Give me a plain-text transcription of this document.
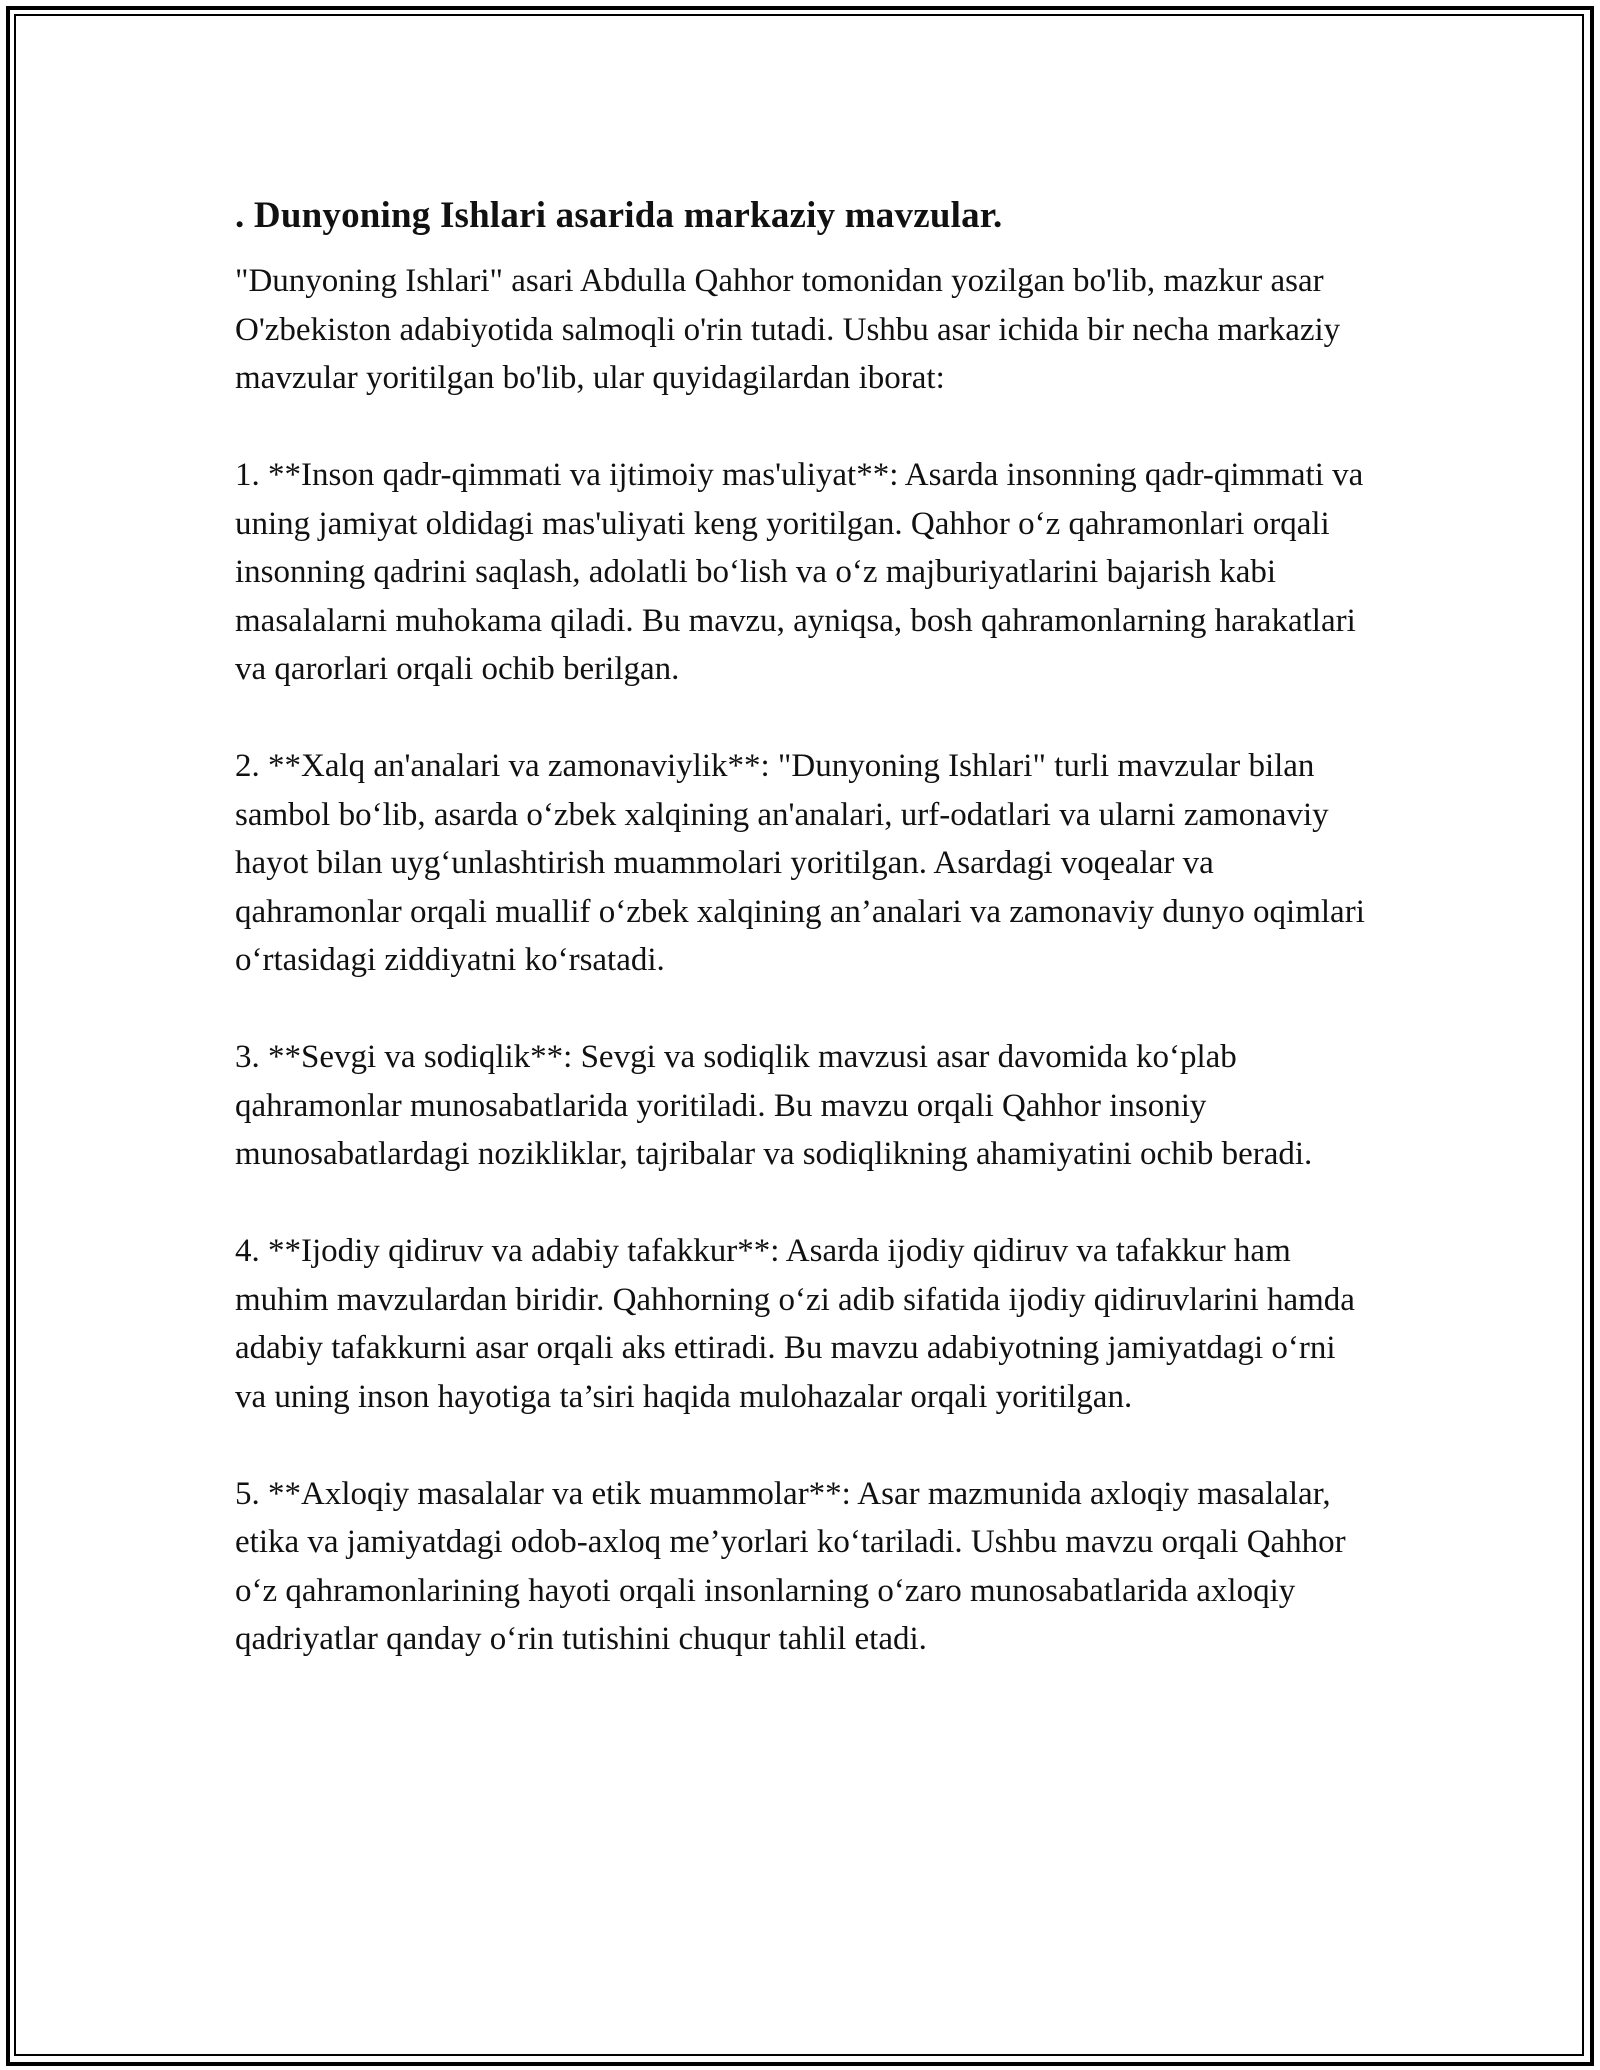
. Dunyoning Ishlari asarida markaziy mavzular.

"Dunyoning Ishlari" asari Abdulla Qahhor tomonidan yozilgan bo'lib, mazkur asar O'zbekiston adabiyotida salmoqli o'rin tutadi. Ushbu asar ichida bir necha markaziy mavzular yoritilgan bo'lib, ular quyidagilardan iborat:

1. **Inson qadr-qimmati va ijtimoiy mas'uliyat**: Asarda insonning qadr-qimmati va uning jamiyat oldidagi mas'uliyati keng yoritilgan. Qahhor o‘z qahramonlari orqali insonning qadrini saqlash, adolatli bo‘lish va o‘z majburiyatlarini bajarish kabi masalalarni muhokama qiladi. Bu mavzu, ayniqsa, bosh qahramonlarning harakatlari va qarorlari orqali ochib berilgan.

2. **Xalq an'analari va zamonaviylik**: "Dunyoning Ishlari" turli mavzular bilan sambol bo‘lib, asarda o‘zbek xalqining an'analari, urf-odatlari va ularni zamonaviy hayot bilan uyg‘unlashtirish muammolari yoritilgan. Asardagi voqealar va qahramonlar orqali muallif o‘zbek xalqining an’analari va zamonaviy dunyo oqimlari o‘rtasidagi ziddiyatni ko‘rsatadi.

3. **Sevgi va sodiqlik**: Sevgi va sodiqlik mavzusi asar davomida ko‘plab qahramonlar munosabatlarida yoritiladi. Bu mavzu orqali Qahhor insoniy munosabatlardagi nozikliklar, tajribalar va sodiqlikning ahamiyatini ochib beradi.

4. **Ijodiy qidiruv va adabiy tafakkur**: Asarda ijodiy qidiruv va tafakkur ham muhim mavzulardan biridir. Qahhorning o‘zi adib sifatida ijodiy qidiruvlarini hamda adabiy tafakkurni asar orqali aks ettiradi. Bu mavzu adabiyotning jamiyatdagi o‘rni va uning inson hayotiga ta’siri haqida mulohazalar orqali yoritilgan.

5. **Axloqiy masalalar va etik muammolar**: Asar mazmunida axloqiy masalalar, etika va jamiyatdagi odob-axloq me’yorlari ko‘tariladi. Ushbu mavzu orqali Qahhor o‘z qahramonlarining hayoti orqali insonlarning o‘zaro munosabatlarida axloqiy qadriyatlar qanday o‘rin tutishini chuqur tahlil etadi.
